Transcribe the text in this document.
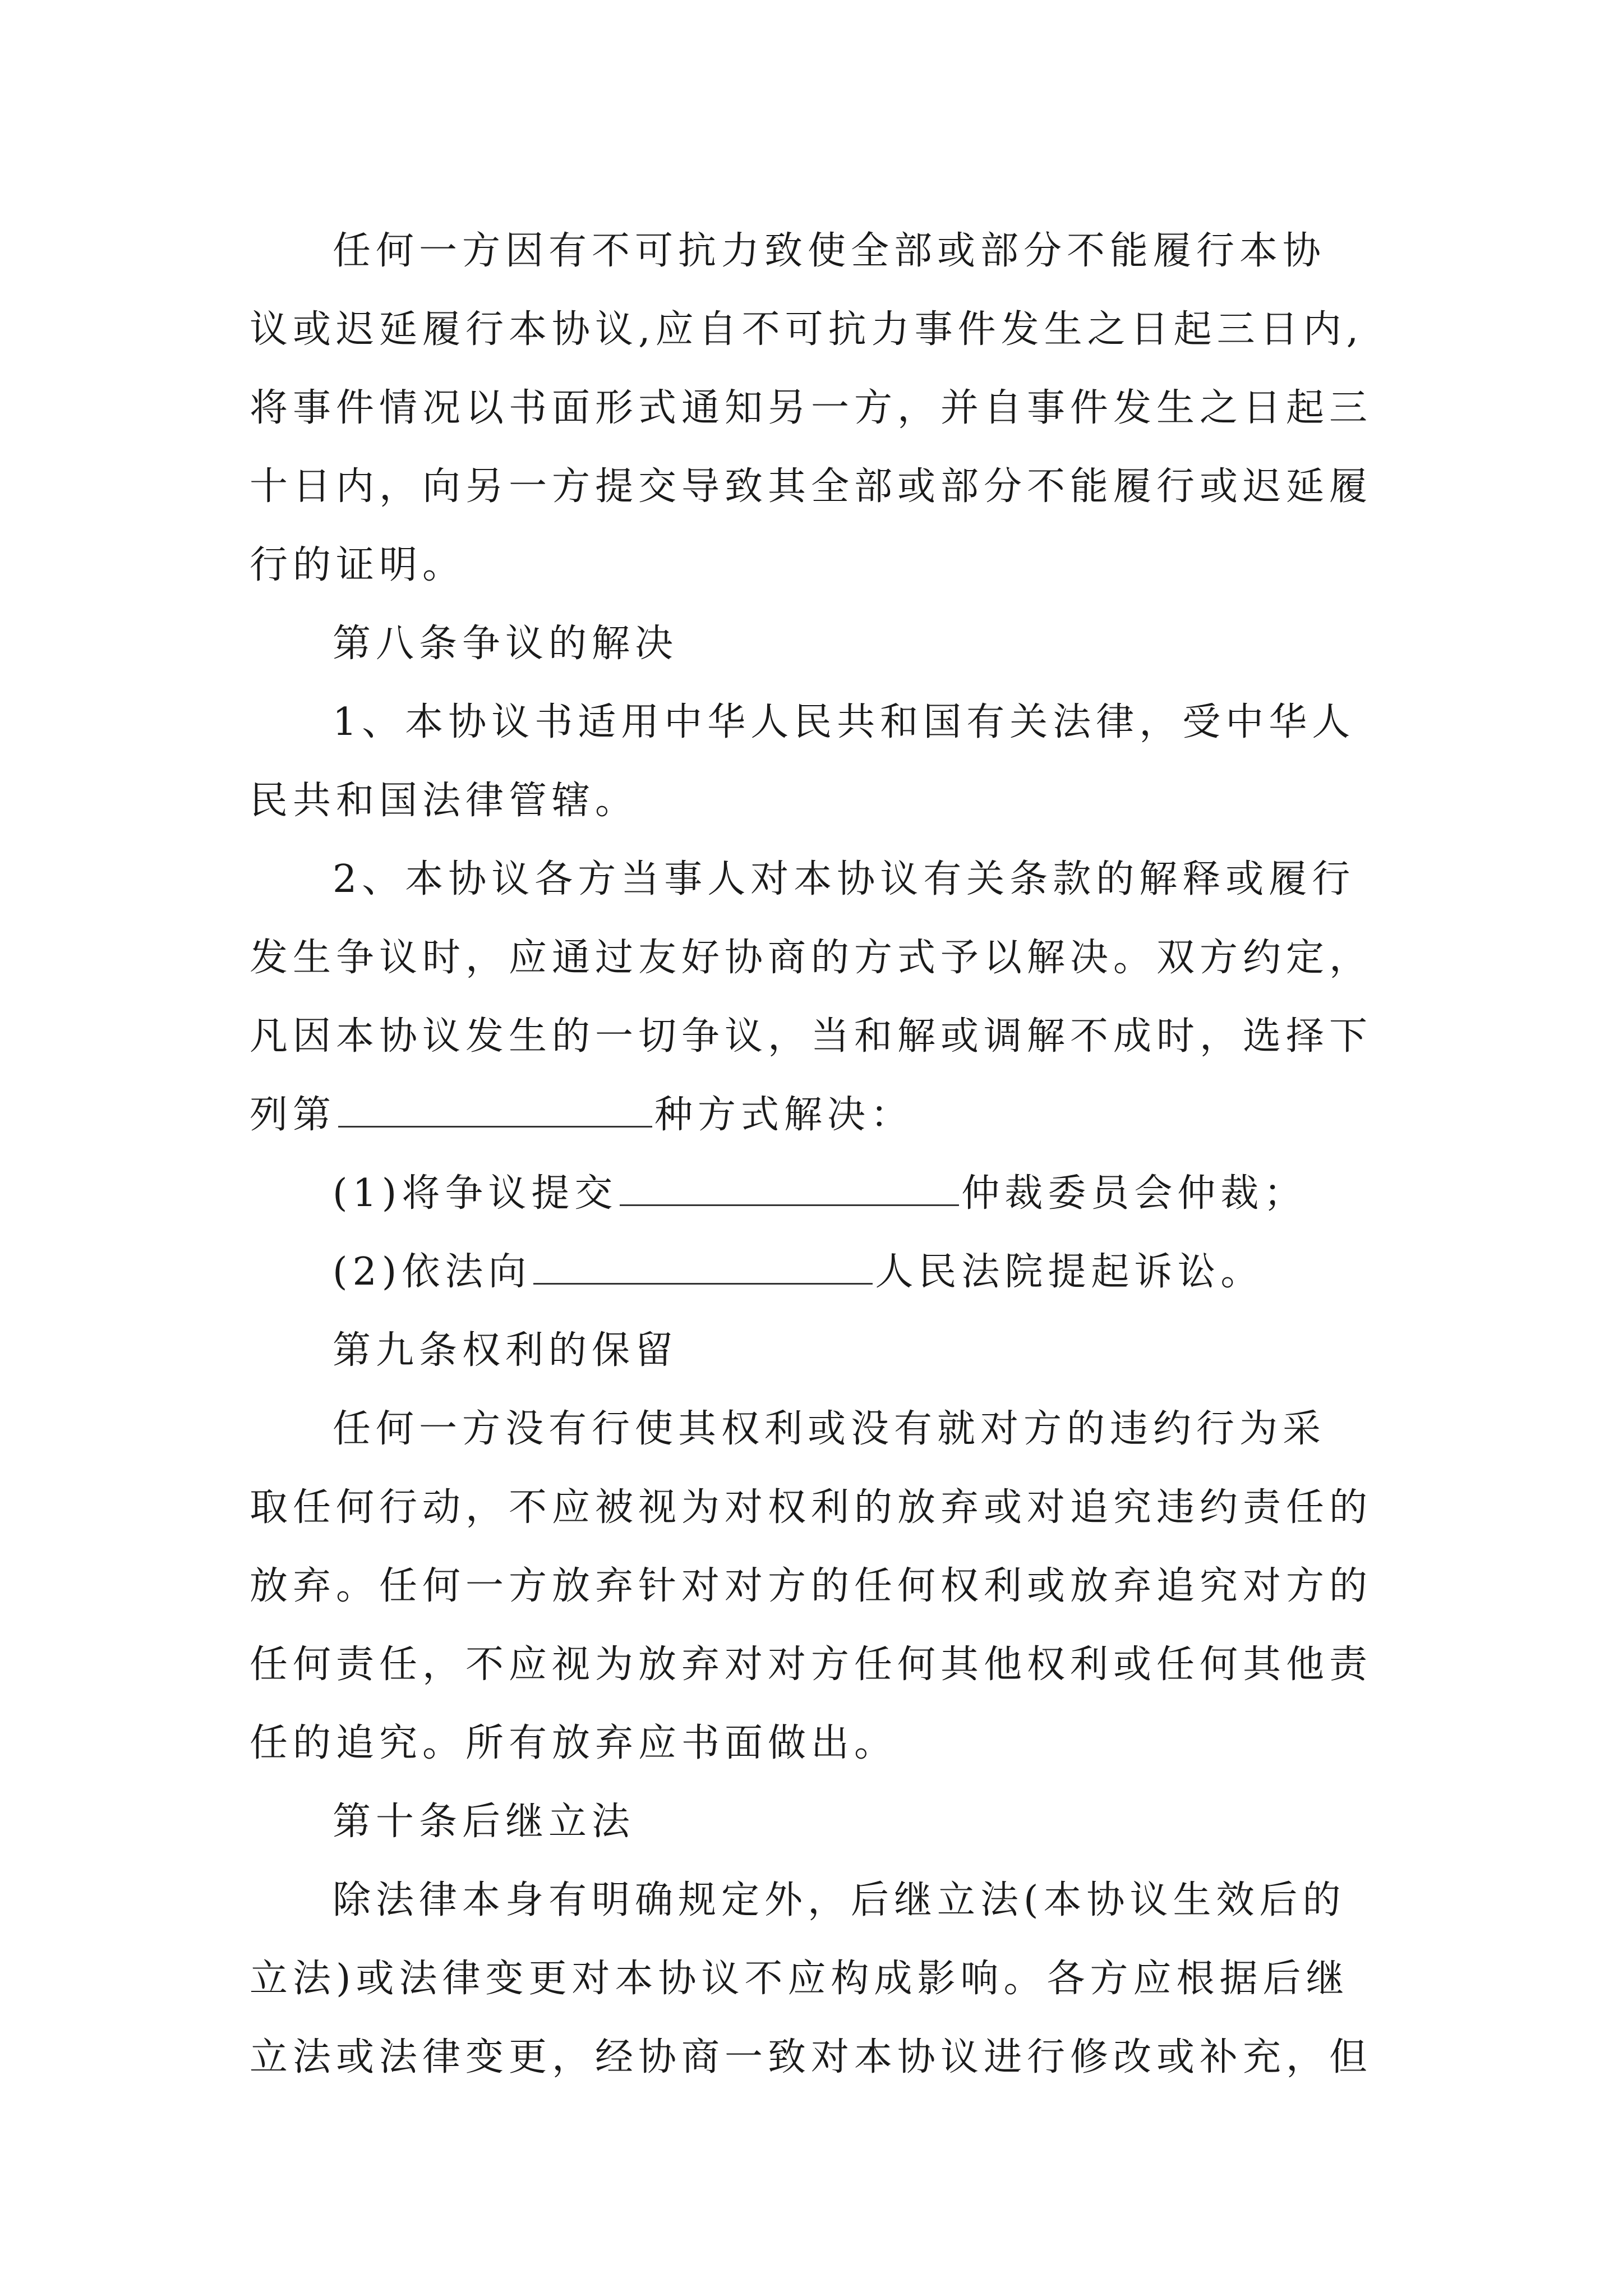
任何一方因有不可抗力致使全部或部分不能履行本协
议或迟延履行本协议,应自不可抗力事件发生之日起三日内,
将事件情况以书面形式通知另一方，并自事件发生之日起三
十日内，向另一方提交导致其全部或部分不能履行或迟延履
行的证明。
第八条争议的解决
1、本协议书适用中华人民共和国有关法律，受中华人
民共和国法律管辖。
2、本协议各方当事人对本协议有关条款的解释或履行
发生争议时，应通过友好协商的方式予以解决。双方约定，
凡因本协议发生的一切争议，当和解或调解不成时，选择下
列第	种方式解决：
(1)将争议提交	仲裁委员会仲裁；
(2)依法向	人民法院提起诉讼。
第九条权利的保留
任何一方没有行使其权利或没有就对方的违约行为采
取任何行动，不应被视为对权利的放弃或对追究违约责任的
放弃。任何一方放弃针对对方的任何权利或放弃追究对方的
任何责任，不应视为放弃对对方任何其他权利或任何其他责
任的追究。所有放弃应书面做出。
第十条后继立法
除法律本身有明确规定外，后继立法(本协议生效后的
立法)或法律变更对本协议不应构成影响。各方应根据后继
立法或法律变更，经协商一致对本协议进行修改或补充，但
